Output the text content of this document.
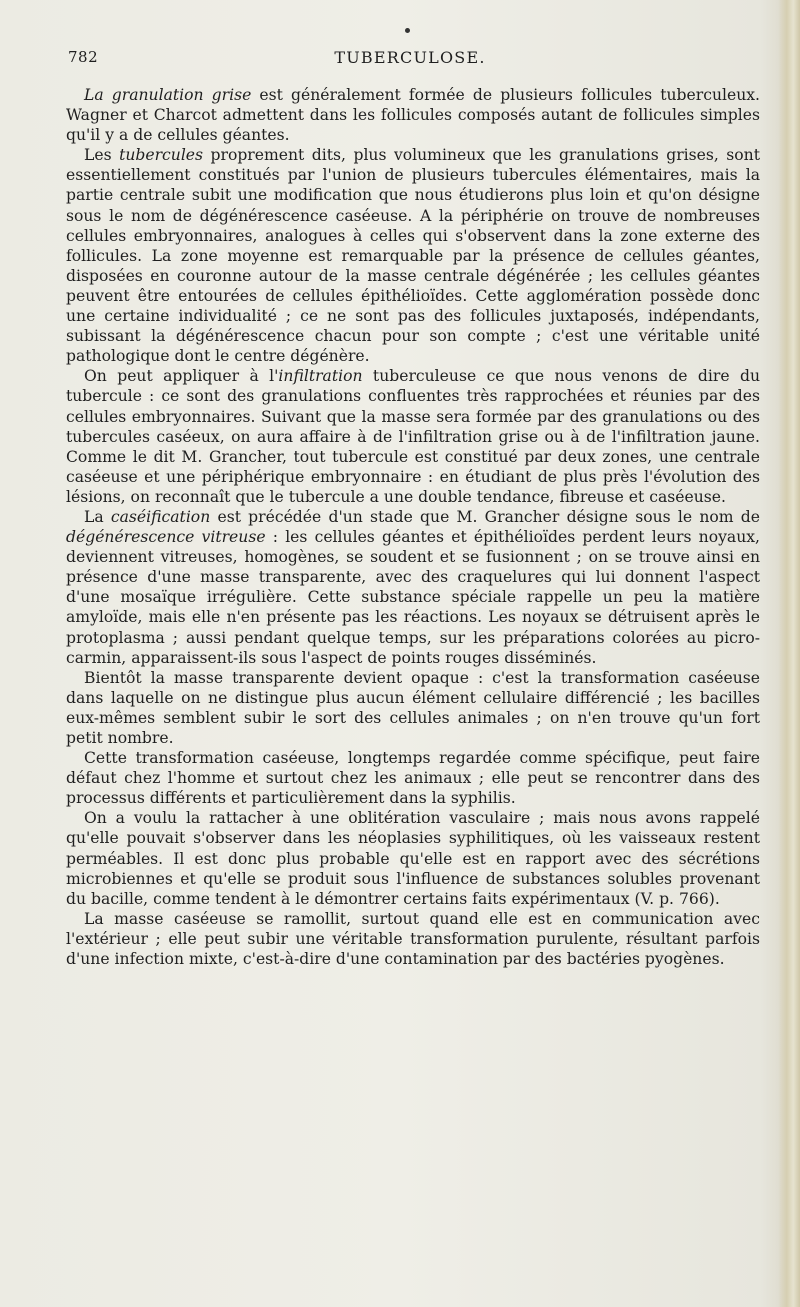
782	TUBERCULOSE.

La granulation grise est généralement formée de plusieurs follicules tuberculeux. Wagner et Charcot admettent dans les follicules composés autant de follicules simples qu'il y a de cellules géantes.

Les tubercules proprement dits, plus volumineux que les granulations grises, sont essentiellement constitués par l'union de plusieurs tubercules élémentaires, mais la partie centrale subit une modification que nous étudierons plus loin et qu'on désigne sous le nom de dégénérescence caséeuse. A la périphérie on trouve de nombreuses cellules embryonnaires, analogues à celles qui s'observent dans la zone externe des follicules. La zone moyenne est remarquable par la présence de cellules géantes, disposées en couronne autour de la masse centrale dégénérée ; les cellules géantes peuvent être entourées de cellules épithélioïdes. Cette agglomération possède donc une certaine individualité ; ce ne sont pas des follicules juxtaposés, indépendants, subissant la dégénérescence chacun pour son compte ; c'est une véritable unité pathologique dont le centre dégénère.

On peut appliquer à l'infiltration tuberculeuse ce que nous venons de dire du tubercule : ce sont des granulations confluentes très rapprochées et réunies par des cellules embryonnaires. Suivant que la masse sera formée par des granulations ou des tubercules caséeux, on aura affaire à de l'infiltration grise ou à de l'infiltration jaune. Comme le dit M. Grancher, tout tubercule est constitué par deux zones, une centrale caséeuse et une périphérique embryonnaire : en étudiant de plus près l'évolution des lésions, on reconnaît que le tubercule a une double tendance, fibreuse et caséeuse.

La caséification est précédée d'un stade que M. Grancher désigne sous le nom de dégénérescence vitreuse : les cellules géantes et épithélioïdes perdent leurs noyaux, deviennent vitreuses, homogènes, se soudent et se fusionnent ; on se trouve ainsi en présence d'une masse transparente, avec des craquelures qui lui donnent l'aspect d'une mosaïque irrégulière. Cette substance spéciale rappelle un peu la matière amyloïde, mais elle n'en présente pas les réactions. Les noyaux se détruisent après le protoplasma ; aussi pendant quelque temps, sur les préparations colorées au picro-carmin, apparaissent-ils sous l'aspect de points rouges disséminés.

Bientôt la masse transparente devient opaque : c'est la transformation caséeuse dans laquelle on ne distingue plus aucun élément cellulaire différencié ; les bacilles eux-mêmes semblent subir le sort des cellules animales ; on n'en trouve qu'un fort petit nombre.

Cette transformation caséeuse, longtemps regardée comme spécifique, peut faire défaut chez l'homme et surtout chez les animaux ; elle peut se rencontrer dans des processus différents et particulièrement dans la syphilis.

On a voulu la rattacher à une oblitération vasculaire ; mais nous avons rappelé qu'elle pouvait s'observer dans les néoplasies syphilitiques, où les vaisseaux restent perméables. Il est donc plus probable qu'elle est en rapport avec des sécrétions microbiennes et qu'elle se produit sous l'influence de substances solubles provenant du bacille, comme tendent à le démontrer certains faits expérimentaux (V. p. 766).

La masse caséeuse se ramollit, surtout quand elle est en communication avec l'extérieur ; elle peut subir une véritable transformation purulente, résultant parfois d'une infection mixte, c'est-à-dire d'une contamination par des bactéries pyogènes.
